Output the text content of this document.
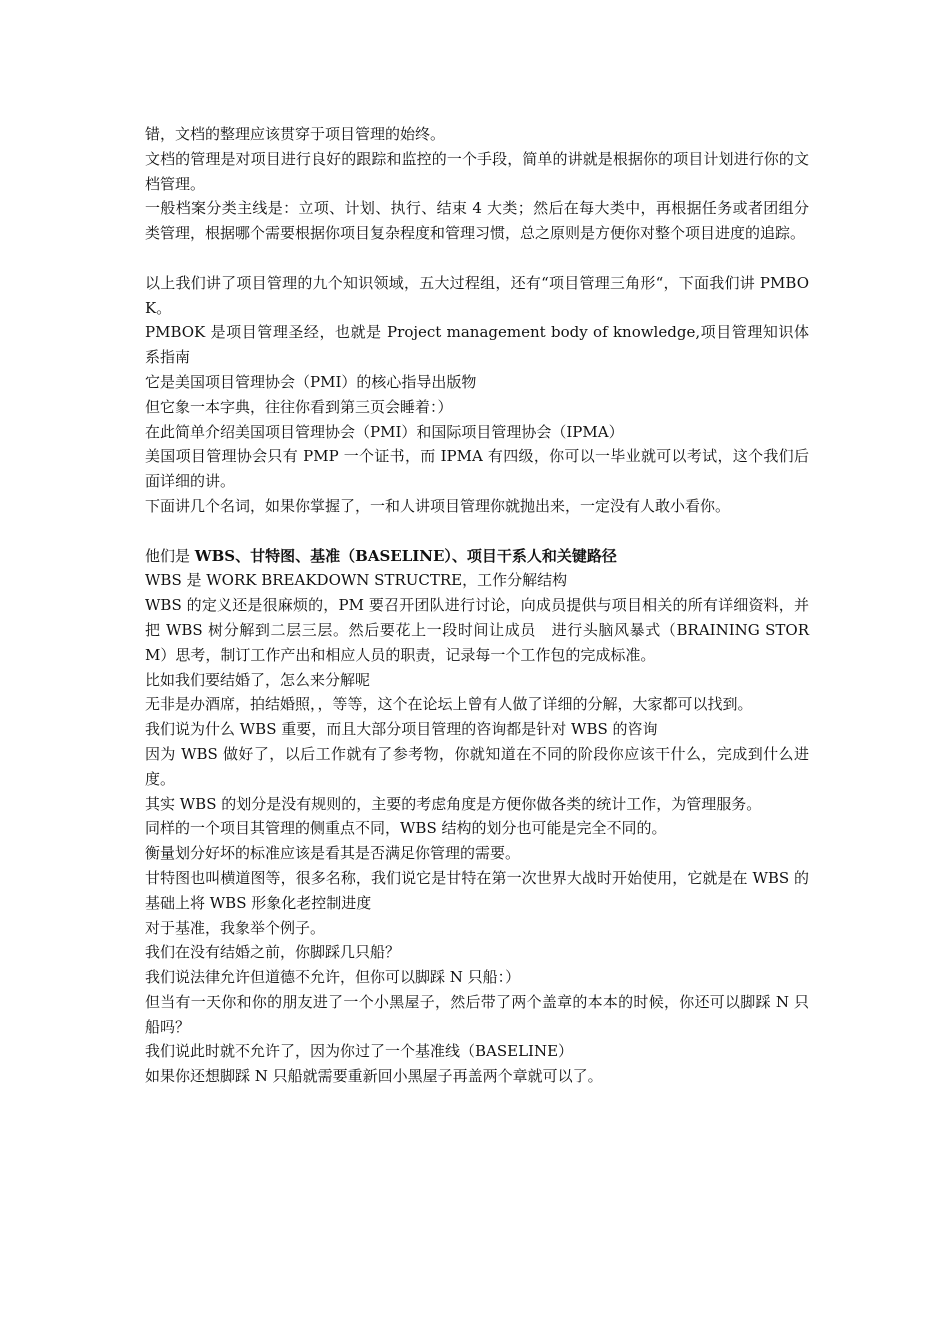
错，文档的整理应该贯穿于项目管理的始终。

文档的管理是对项目进行良好的跟踪和监控的一个手段，简单的讲就是根据你的项目计划进行你的文档管理。

一般档案分类主线是：立项、计划、执行、结束 4 大类；然后在每大类中，再根据任务或者团组分类管理，根据哪个需要根据你项目复杂程度和管理习惯，总之原则是方便你对整个项目进度的追踪。

以上我们讲了项目管理的九个知识领域，五大过程组，还有“项目管理三角形“，下面我们讲 PMBOK。

PMBOK 是项目管理圣经，也就是 Project management body of knowledge,项目管理知识体系指南

它是美国项目管理协会（PMI）的核心指导出版物

但它象一本字典，往往你看到第三页会睡着：）

在此简单介绍美国项目管理协会（PMI）和国际项目管理协会（IPMA）

美国项目管理协会只有 PMP 一个证书，而 IPMA 有四级，你可以一毕业就可以考试，这个我们后面详细的讲。

下面讲几个名词，如果你掌握了，一和人讲项目管理你就抛出来，一定没有人敢小看你。

他们是 WBS、甘特图、基准（BASELINE）、项目干系人和关键路径

WBS 是 WORK BREAKDOWN STRUCTRE，工作分解结构

WBS 的定义还是很麻烦的，PM 要召开团队进行讨论，向成员提供与项目相关的所有详细资料，并把 WBS 树分解到二层三层。然后要花上一段时间让成员　进行头脑风暴式（BRAINING STORM）思考，制订工作产出和相应人员的职责，记录每一个工作包的完成标准。

比如我们要结婚了，怎么来分解呢

无非是办酒席，拍结婚照，，等等，这个在论坛上曾有人做了详细的分解，大家都可以找到。

我们说为什么 WBS 重要，而且大部分项目管理的咨询都是针对 WBS 的咨询

因为 WBS 做好了，以后工作就有了参考物，你就知道在不同的阶段你应该干什么，完成到什么进度。

其实 WBS 的划分是没有规则的，主要的考虑角度是方便你做各类的统计工作，为管理服务。

同样的一个项目其管理的侧重点不同，WBS 结构的划分也可能是完全不同的。

衡量划分好坏的标准应该是看其是否满足你管理的需要。

甘特图也叫横道图等，很多名称，我们说它是甘特在第一次世界大战时开始使用，它就是在 WBS 的基础上将 WBS 形象化老控制进度

对于基准，我象举个例子。

我们在没有结婚之前，你脚踩几只船？

我们说法律允许但道德不允许，但你可以脚踩 N 只船：）

但当有一天你和你的朋友进了一个小黑屋子，然后带了两个盖章的本本的时候，你还可以脚踩 N 只船吗？

我们说此时就不允许了，因为你过了一个基准线（BASELINE）

如果你还想脚踩 N 只船就需要重新回小黑屋子再盖两个章就可以了。
